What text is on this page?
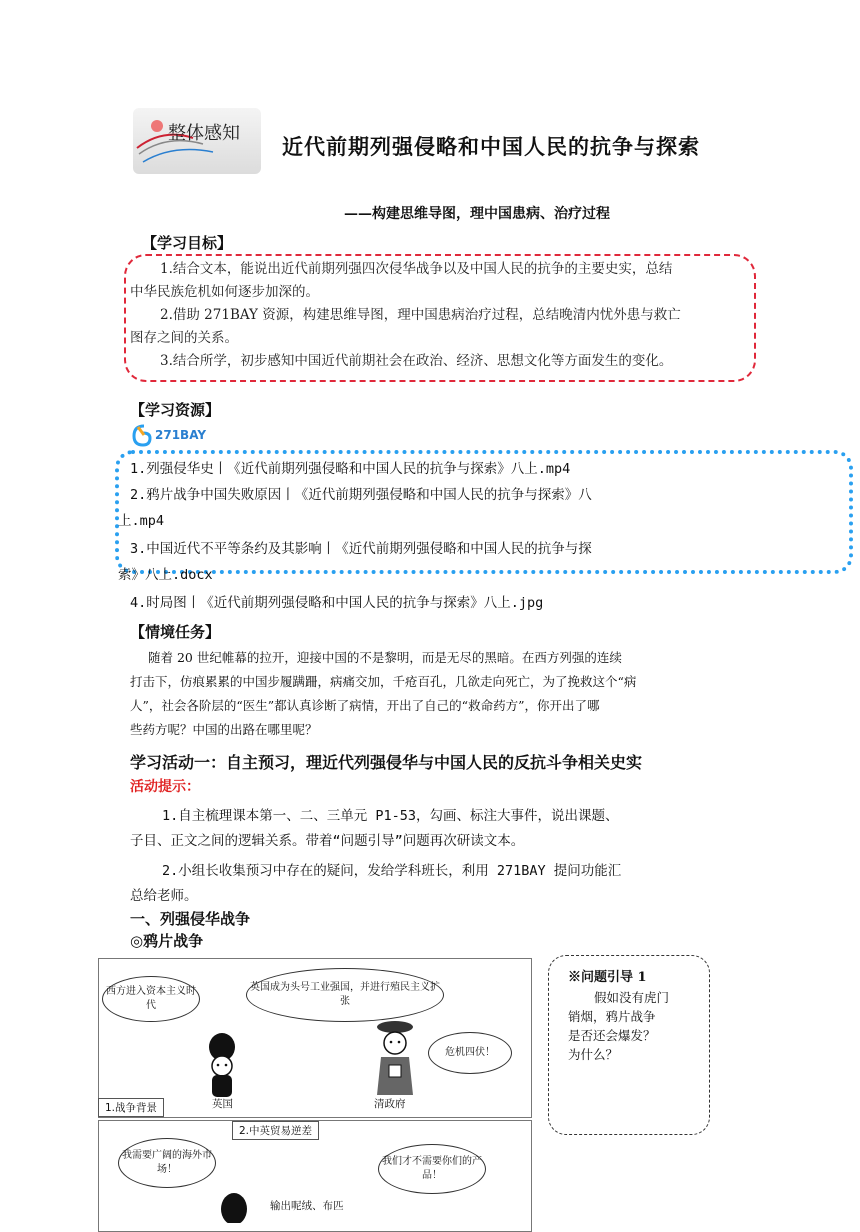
整体感知
近代前期列强侵略和中国人民的抗争与探索
——构建思维导图，理中国患病、治疗过程
【学习目标】
1.结合文本，能说出近代前期列强四次侵华战争以及中国人民的抗争的主要史实，总结
中华民族危机如何逐步加深的。
2.借助 271BAY 资源，构建思维导图，理中国患病治疗过程，总结晚清内忧外患与救亡
图存之间的关系。
3.结合所学，初步感知中国近代前期社会在政治、经济、思想文化等方面发生的变化。
【学习资源】
271BAY
1.列强侵华史丨《近代前期列强侵略和中国人民的抗争与探索》八上.mp4
2.鸦片战争中国失败原因丨《近代前期列强侵略和中国人民的抗争与探索》八
上.mp4
3.中国近代不平等条约及其影响丨《近代前期列强侵略和中国人民的抗争与探
索》八上.docx
4.时局图丨《近代前期列强侵略和中国人民的抗争与探索》八上.jpg
【情境任务】
随着 20 世纪帷幕的拉开，迎接中国的不是黎明，而是无尽的黑暗。在西方列强的连续
打击下，仿痕累累的中国步履蹒跚，病痛交加，千疮百孔，几欲走向死亡，为了挽救这个“病
人”，社会各阶层的“医生”都认真诊断了病情，开出了自己的“救命药方”，你开出了哪
些药方呢？中国的出路在哪里呢？
学习活动一：自主预习，理近代列强侵华与中国人民的反抗斗争相关史实
活动提示：
1.自主梳理课本第一、二、三单元 P1-53，勾画、标注大事件，说出课题、
子目、正文之间的逻辑关系。带着“问题引导”问题再次研读文本。
2.小组长收集预习中存在的疑问，发给学科班长，利用 271BAY 提问功能汇
总给老师。
一、列强侵华战争
◎鸦片战争
西方进入资本主义时代
英国成为头号工业强国，并进行殖民主义扩张
危机四伏！
英国	清政府
1.战争背景
2.中英贸易逆差
我需要广阔的海外市场！
我们才不需要你们的产品！
输出呢绒、布匹
※问题引导 1
假如没有虎门
销烟，鸦片战争
是否还会爆发？
为什么？
